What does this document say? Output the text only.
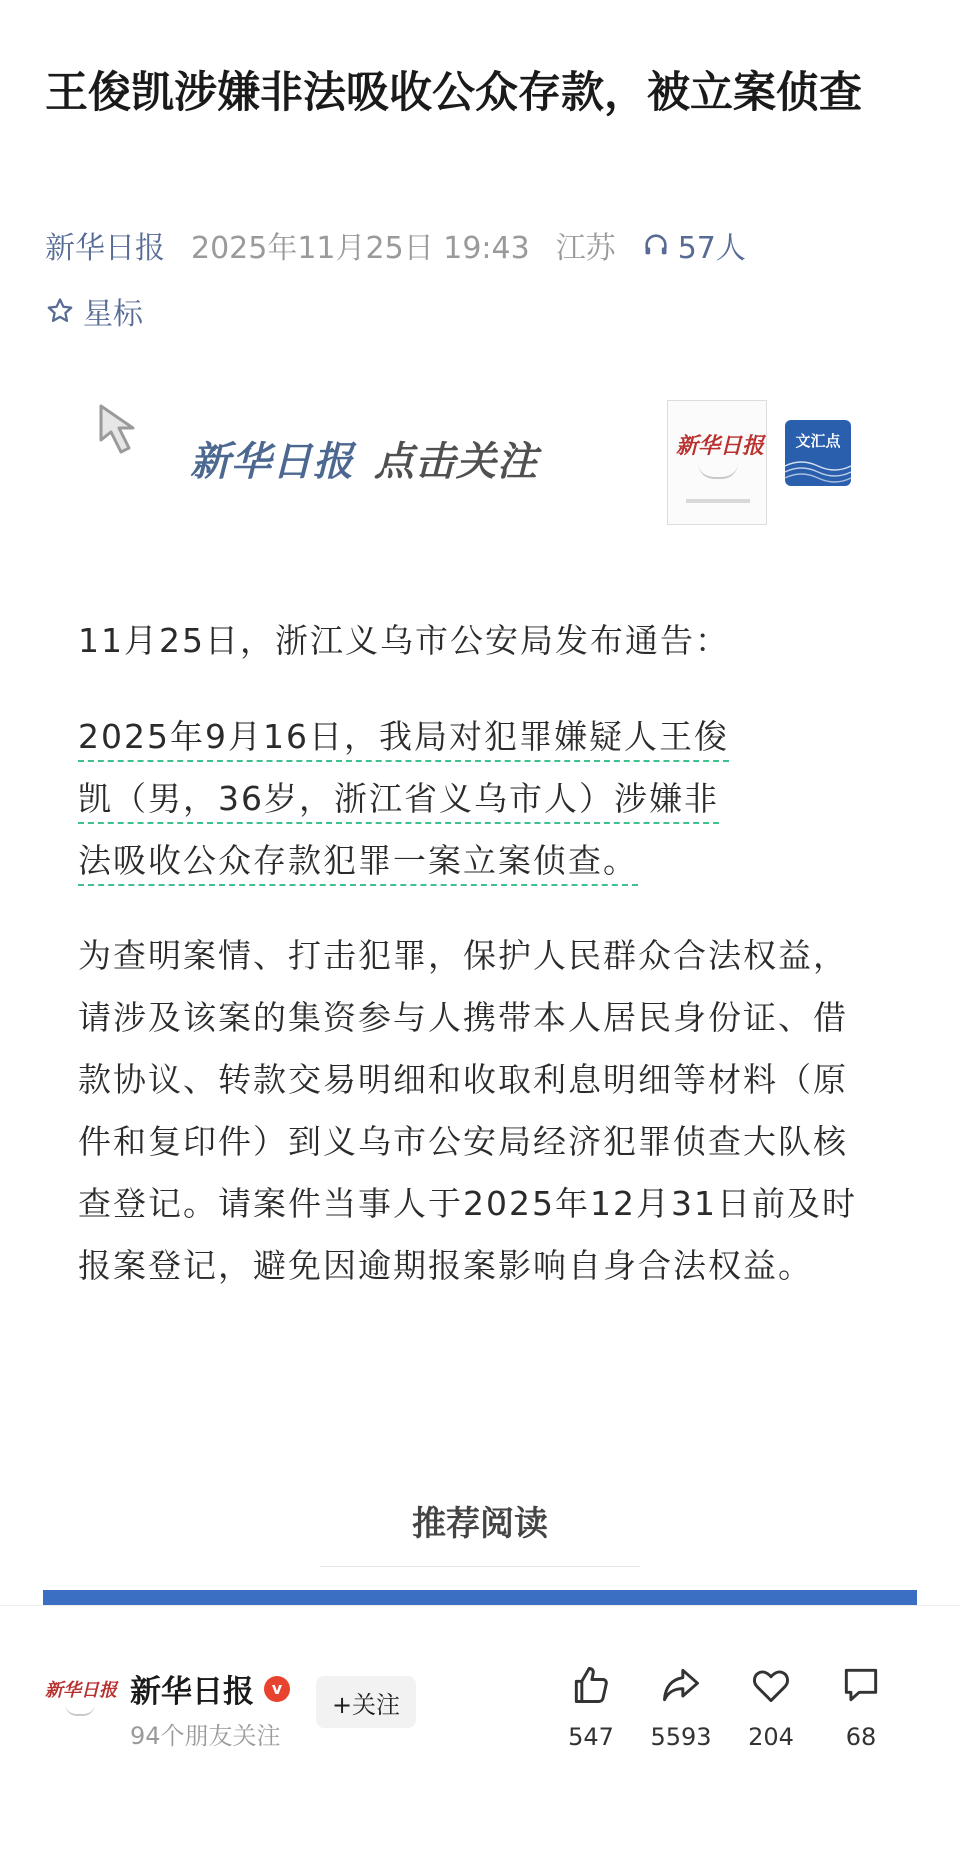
王俊凯涉嫌非法吸收公众存款，被立案侦查
新华日报 2025年11月25日 19:43 江苏 57人
星标
新华日报 点击关注	新华日报	文汇点

11月25日，浙江义乌市公安局发布通告：

2025年9月16日，我局对犯罪嫌疑人王俊
凯（男，36岁，浙江省义乌市人）涉嫌非
法吸收公众存款犯罪一案立案侦查。

为查明案情、打击犯罪，保护人民群众合法权益，请涉及该案的集资参与人携带本人居民身份证、借款协议、转款交易明细和收取利息明细等材料（原件和复印件）到义乌市公安局经济犯罪侦查大队核查登记。请案件当事人于2025年12月31日前及时报案登记，避免因逾期报案影响自身合法权益。

推荐阅读
新华日报 新华日报	v
94个朋友关注
+关注
547	5593	204	68
